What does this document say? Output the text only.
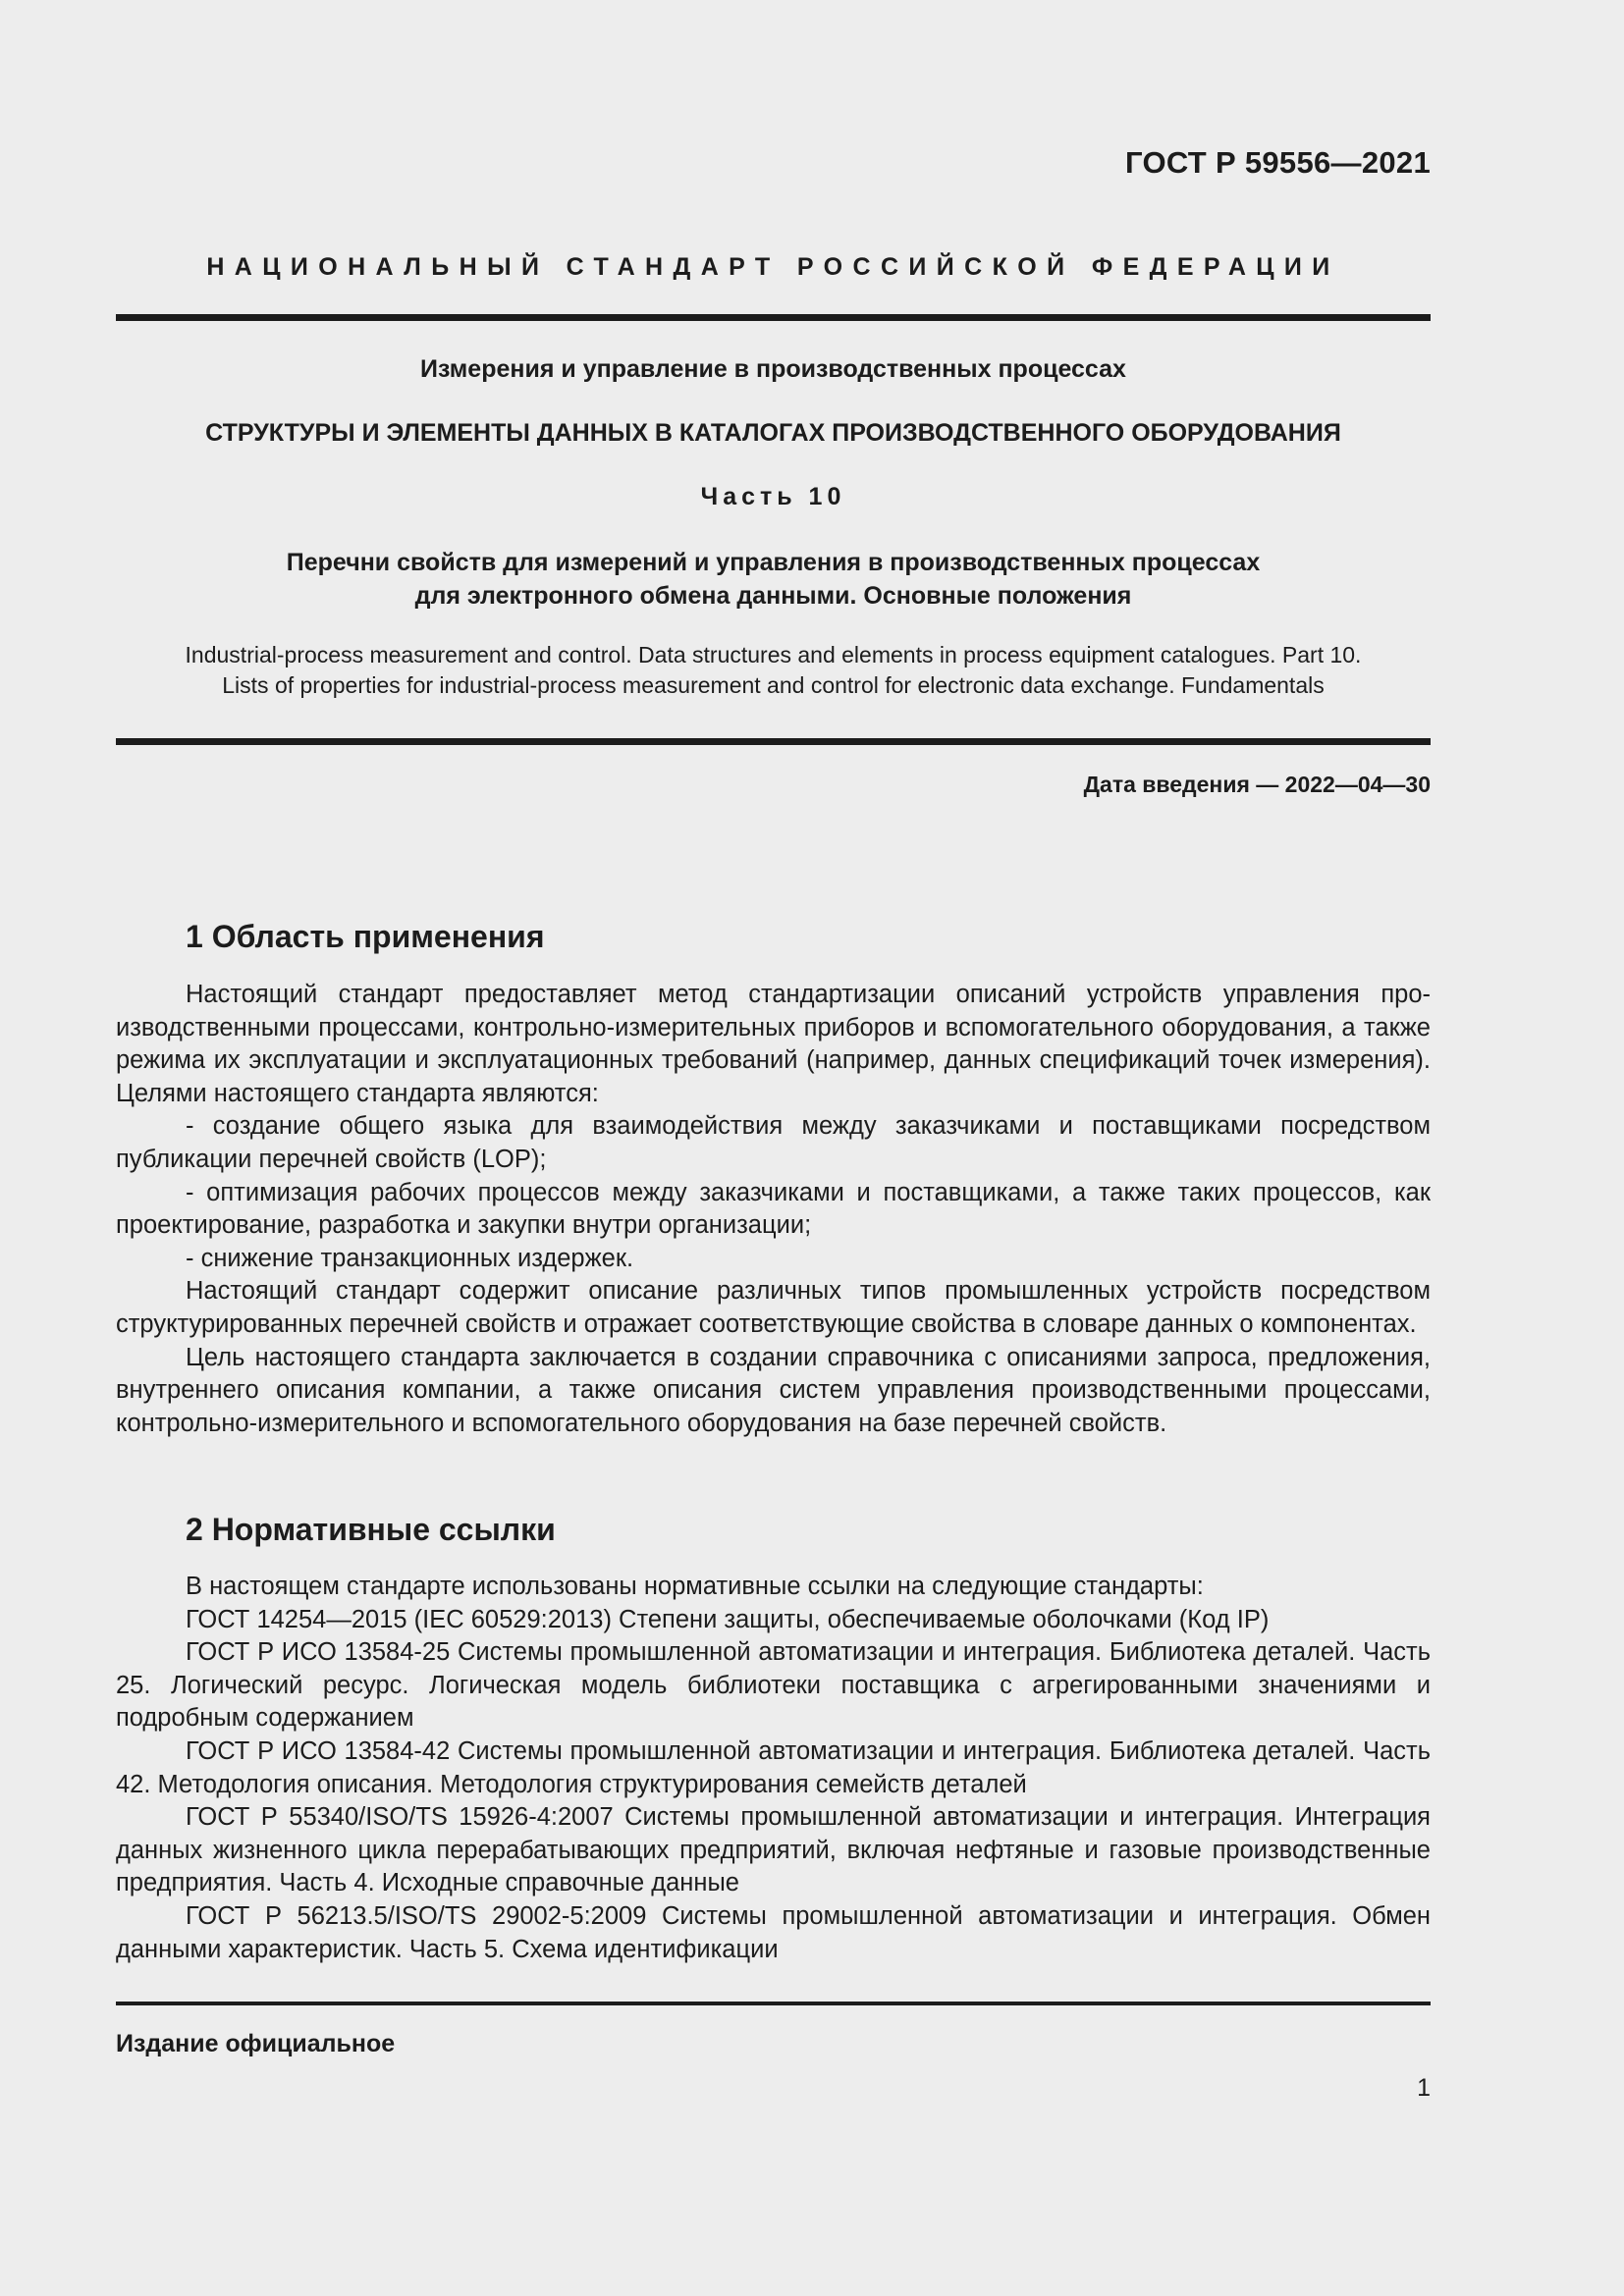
ГОСТ Р 59556—2021
НАЦИОНАЛЬНЫЙ СТАНДАРТ РОССИЙСКОЙ ФЕДЕРАЦИИ
Измерения и управление в производственных процессах
СТРУКТУРЫ И ЭЛЕМЕНТЫ ДАННЫХ В КАТАЛОГАХ ПРОИЗВОДСТВЕННОГО ОБОРУДОВАНИЯ
Часть 10
Перечни свойств для измерений и управления в производственных процессах
для электронного обмена данными. Основные положения
Industrial-process measurement and control. Data structures and elements in process equipment catalogues. Part 10.
Lists of properties for industrial-process measurement and control for electronic data exchange. Fundamentals
Дата введения — 2022—04—30
1 Область применения

Настоящий стандарт предоставляет метод стандартизации описаний устройств управления производственными процессами, контрольно-измерительных приборов и вспомогательного оборудования, а также режима их эксплуатации и эксплуатационных требований (например, данных спецификаций точек измерения). Целями настоящего стандарта являются:

- создание общего языка для взаимодействия между заказчиками и поставщиками посредством публикации перечней свойств (LOP);

- оптимизация рабочих процессов между заказчиками и поставщиками, а также таких процессов, как проектирование, разработка и закупки внутри организации;

- снижение транзакционных издержек.

Настоящий стандарт содержит описание различных типов промышленных устройств посредством структурированных перечней свойств и отражает соответствующие свойства в словаре данных о компонентах.

Цель настоящего стандарта заключается в создании справочника с описаниями запроса, предложения, внутреннего описания компании, а также описания систем управления производственными процессами, контрольно-измерительного и вспомогательного оборудования на базе перечней свойств.

2 Нормативные ссылки

В настоящем стандарте использованы нормативные ссылки на следующие стандарты:

ГОСТ 14254—2015 (IEC 60529:2013) Степени защиты, обеспечиваемые оболочками (Код IP)

ГОСТ Р ИСО 13584-25 Системы промышленной автоматизации и интеграция. Библиотека деталей. Часть 25. Логический ресурс. Логическая модель библиотеки поставщика с агрегированными значениями и подробным содержанием

ГОСТ Р ИСО 13584-42 Системы промышленной автоматизации и интеграция. Библиотека деталей. Часть 42. Методология описания. Методология структурирования семейств деталей

ГОСТ Р 55340/ISO/TS 15926-4:2007 Системы промышленной автоматизации и интеграция. Интеграция данных жизненного цикла перерабатывающих предприятий, включая нефтяные и газовые производственные предприятия. Часть 4. Исходные справочные данные

ГОСТ Р 56213.5/ISO/TS 29002-5:2009 Системы промышленной автоматизации и интеграция. Обмен данными характеристик. Часть 5. Схема идентификации

Издание официальное
1
